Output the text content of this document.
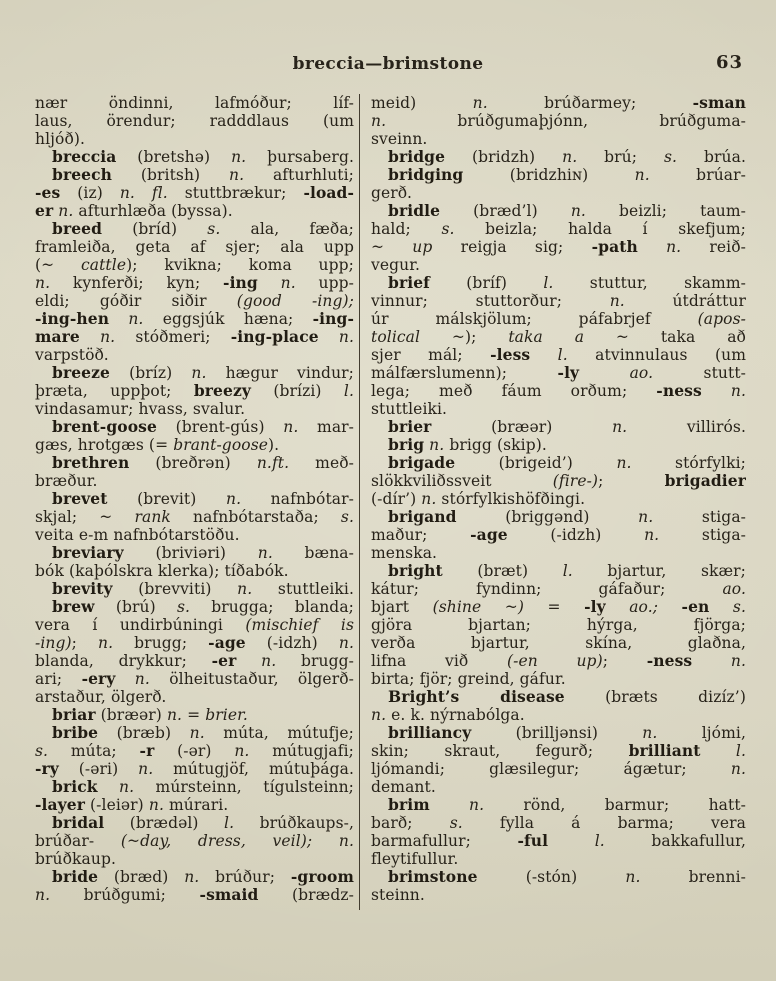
breccia—brimstone	63
nær öndinni, lafmóður; líf-
laus, örendur; radddlaus (um
hljóð).
breccia (bretshə) n. þursaberg.
breech (britsh) n. afturhluti;
-es (iz) n. fl. stuttbrækur; -load-
er n. afturhlæða (byssa).
breed (bríd) s. ala, fæða;
framleiða, geta af sjer; ala upp
(~ cattle); kvikna; koma upp;
n. kynferði; kyn; -ing n. upp-
eldi; góðir siðir (good -ing);
-ing-hen n. eggsjúk hæna; -ing-
mare n. stóðmeri; -ing-place n.
varpstöð.
breeze (bríz) n. hægur vindur;
þræta, uppþot; breezy (brízi) l.
vindasamur; hvass, svalur.
brent-goose (brent-gús) n. mar-
gæs, hrotgæs (= brant-goose).
brethren (breðrən) n.ft. með-
bræður.
brevet (brevit) n. nafnbótar-
skjal; ~ rank nafnbótarstaða; s.
veita e-m nafnbótarstöðu.
breviary (briviəri) n. bæna-
bók (kaþólskra klerka); tíðabók.
brevity (brevviti) n. stuttleiki.
brew (brú) s. brugga; blanda;
vera í undirbúningi (mischief is
-ing); n. brugg; -age (-idzh) n.
blanda, drykkur; -er n. brugg-
ari; -ery n. ölheitustaður, ölgerð-
arstaður, ölgerð.
briar (bræər) n. = brier.
bribe (bræb) n. múta, mútufje;
s. múta; -r (-ər) n. mútugjafi;
-ry (-əri) n. mútugjöf, mútuþága.
brick n. múrsteinn, tígulsteinn;
-layer (-leiər) n. múrari.
bridal (brædəl) l. brúðkaups-,
brúðar- (~day, dress, veil); n.
brúðkaup.
bride (bræd) n. brúður; -groom
n. brúðgumi; -smaid (brædz-
meid) n. brúðarmey; -sman
n. brúðgumaþjónn, brúðguma-
sveinn.
bridge (bridzh) n. brú; s. brúa.
bridging (bridzhiɴ) n. brúar-
gerð.
bridle (bræd’l) n. beizli; taum-
hald; s. beizla; halda í skefjum;
~ up reigja sig; -path n. reið-
vegur.
brief (bríf) l. stuttur, skamm-
vinnur; stuttorður; n. útdráttur
úr málskjölum; páfabrjef (apos-
tolical ~); taka a ~ taka að
sjer mál; -less l. atvinnulaus (um
málfærslumenn); -ly	ao. stutt-
lega; með fáum orðum; -ness n.
stuttleiki.
brier (bræər) n. villirós.
brig n. brigg (skip).
brigade (brigeid’) n. stórfylki;
slökkviliðssveit (fire-); brigadier
(-dír’) n. stórfylkishöfðingi.
brigand (briggənd) n. stiga-
maður; -age (-idzh) n. stiga-
menska.
bright (bræt) l. bjartur, skær;
kátur; fyndinn; gáfaður; ao.
bjart (shine ~) = -ly ao.; -en s.
gjöra bjartan; hýrga, fjörga;
verða bjartur, skína, glaðna,
lifna við (-en up); -ness n.
birta; fjör; greind, gáfur.
Bright’s disease (bræts dizíz’)
n. e. k. nýrnabólga.
brilliancy (brilljənsi) n. ljómi,
skin; skraut, fegurð; brilliant l.
ljómandi; glæsilegur; ágætur; n.
demant.
brim	n. rönd, barmur; hatt-
barð; s. fylla á barma; vera
barmafullur; -ful	l. bakkafullur,
fleytifullur.
brimstone (-stón) n. brenni-
steinn.
